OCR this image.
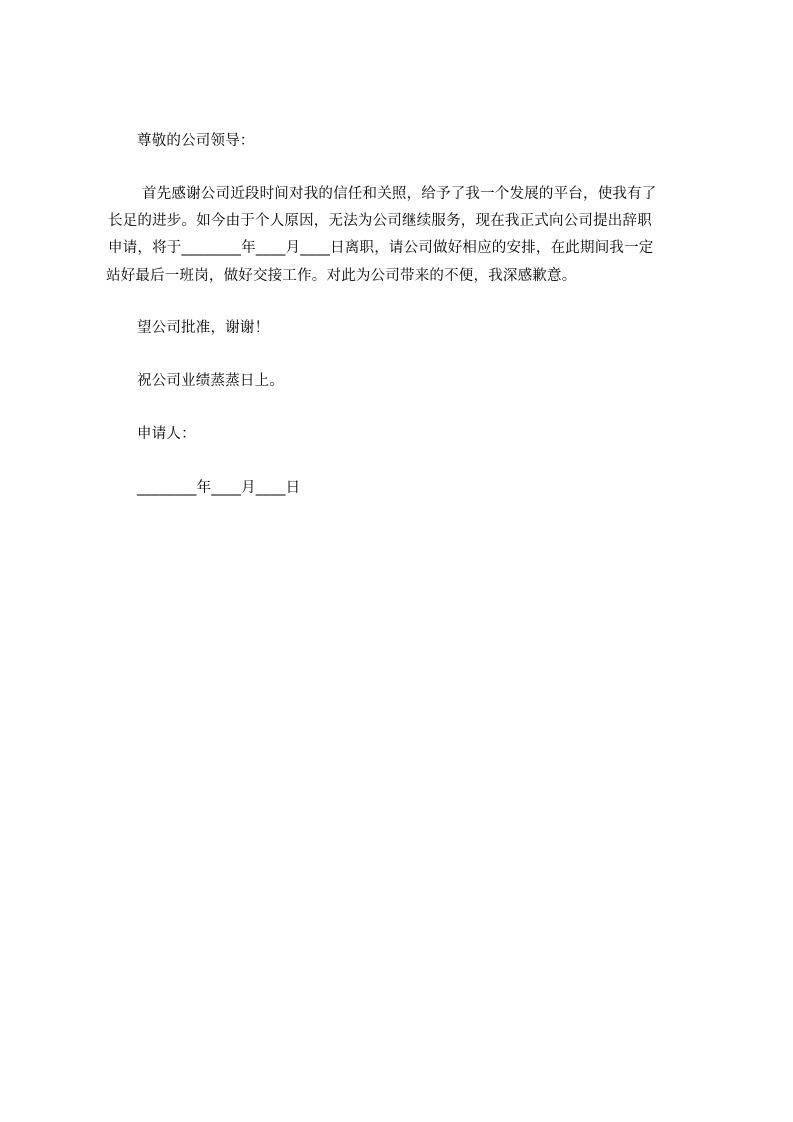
尊敬的公司领导：
首先感谢公司近段时间对我的信任和关照，给予了我一个发展的平台，使我有了
长足的进步。如今由于个人原因，无法为公司继续服务，现在我正式向公司提出辞职
申请，将于________年____月____日离职，请公司做好相应的安排，在此期间我一定
站好最后一班岗，做好交接工作。对此为公司带来的不便，我深感歉意。
望公司批准，谢谢！
祝公司业绩蒸蒸日上。
申请人：
________年____月____日
